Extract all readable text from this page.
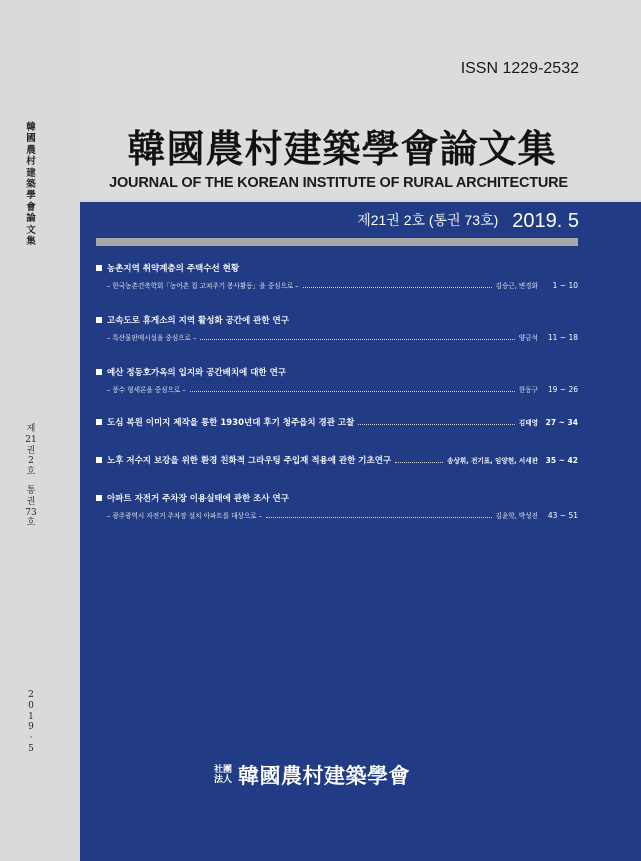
韓
國
農
村
建
築
學
會
論
文
集
제
21
권
2
호
통
권
73
호
2
0
1
9
·
5
ISSN 1229-2532
韓國農村建築學會論文集
JOURNAL OF THE KOREAN INSTITUTE OF RURAL ARCHITECTURE
제21권 2호 (통권 73호) 2019. 5
농촌지역 취약계층의 주택수선 현황
– 한국농촌건축학회「농어촌 집 고쳐주기 봉사활동」을 중심으로 –	김승근, 변경화	1 ~ 10
고속도로 휴게소의 지역 활성화 공간에 관한 연구
– 특산물판매시설을 중심으로 –	양금석	11 ~ 18
예산 정동호가옥의 입지와 공간배치에 대한 연구
– 풍수 형세론을 중심으로 –	한동구	19 ~ 26
도심 복원 이미지 제작을 통한 1930년대 후기 청주읍치 경관 고찰	김태영	27 ~ 34
노후 저수지 보강을 위한 환경 친화적 그라우팅 주입재 적용에 관한 기초연구	송상휘, 전기표, 임양현, 서세관	35 ~ 42
아파트 자전거 주차장 이용실태에 관한 조사 연구
– 광주광역시 자전거 주차장 설치 아파트를 대상으로 –	김윤학, 박성진	43 ~ 51
社團
法人 韓國農村建築學會
